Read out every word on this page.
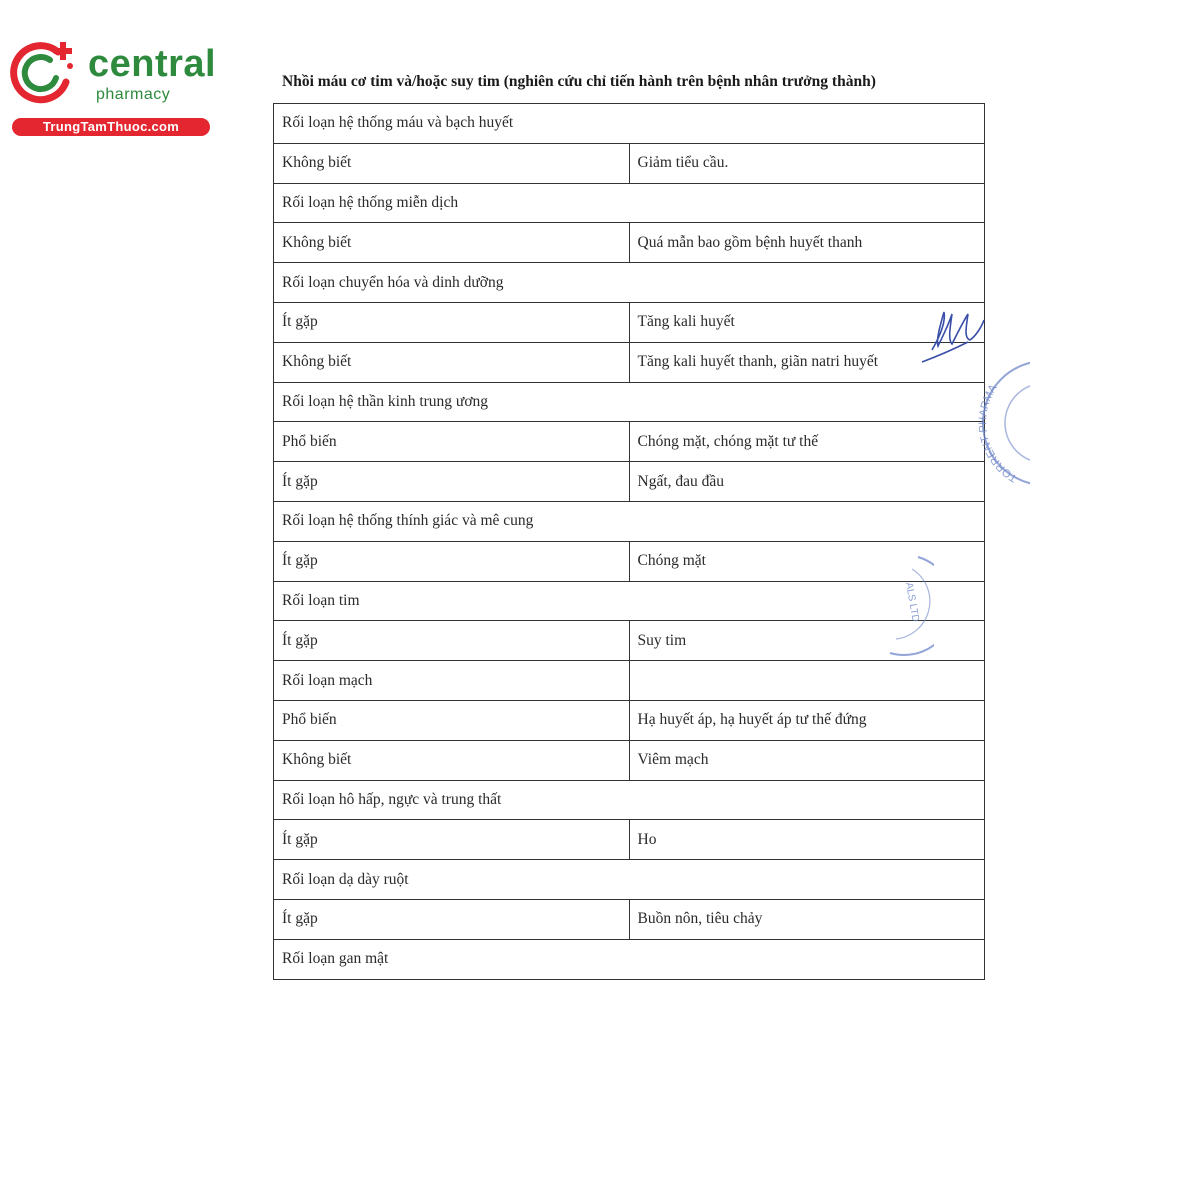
central
pharmacy
TrungTamThuoc.com
Nhồi máu cơ tim và/hoặc suy tim (nghiên cứu chỉ tiến hành trên bệnh nhân trưởng thành)
Rối loạn hệ thống máu và bạch huyết	
Không biết	Giảm tiểu cầu.
Rối loạn hệ thống miễn dịch	
Không biết	Quá mẫn bao gồm bệnh huyết thanh
Rối loạn chuyển hóa và dinh dưỡng	
Ít gặp	Tăng kali huyết
Không biết	Tăng kali huyết thanh, giãn natri huyết
Rối loạn hệ thần kinh trung ương	
Phổ biến	Chóng mặt, chóng mặt tư thế
Ít gặp	Ngất, đau đầu
Rối loạn hệ thống thính giác và mê cung	
Ít gặp	Chóng mặt
Rối loạn tim	
Ít gặp	Suy tim
Rối loạn mạch	
Phổ biến	Hạ huyết áp, hạ huyết áp tư thế đứng
Không biết	Viêm mạch
Rối loạn hô hấp, ngực và trung thất	
Ít gặp	Ho
Rối loạn dạ dày ruột	
Ít gặp	Buồn nôn, tiêu chảy
Rối loạn gan mật	
TORRENT PHARMA
ALS LTD
